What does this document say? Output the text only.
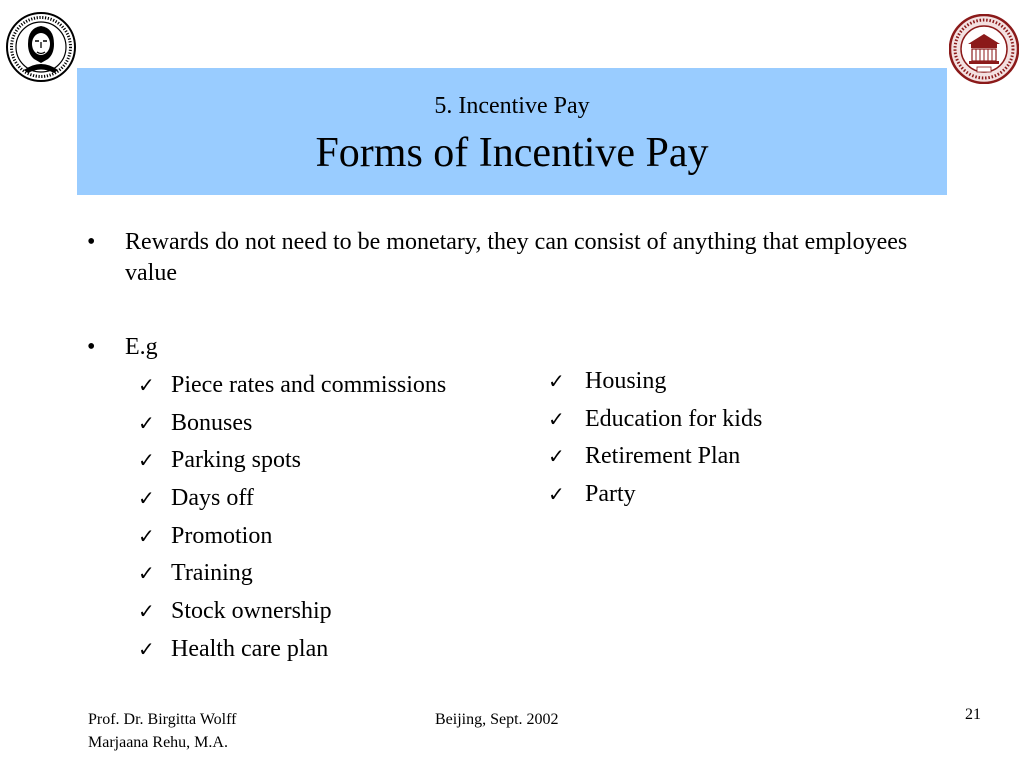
5. Incentive Pay
Forms of Incentive Pay
• Rewards do not need to be monetary, they can consist of anything that employees value
• E.g
✓ Piece rates and commissions
✓ Bonuses
✓ Parking spots
✓ Days off
✓ Promotion
✓ Training
✓ Stock ownership
✓ Health care plan
✓ Housing
✓ Education for kids
✓ Retirement Plan
✓ Party
Prof. Dr. Birgitta Wolff
Marjaana Rehu, M.A.
Beijing, Sept. 2002	21
